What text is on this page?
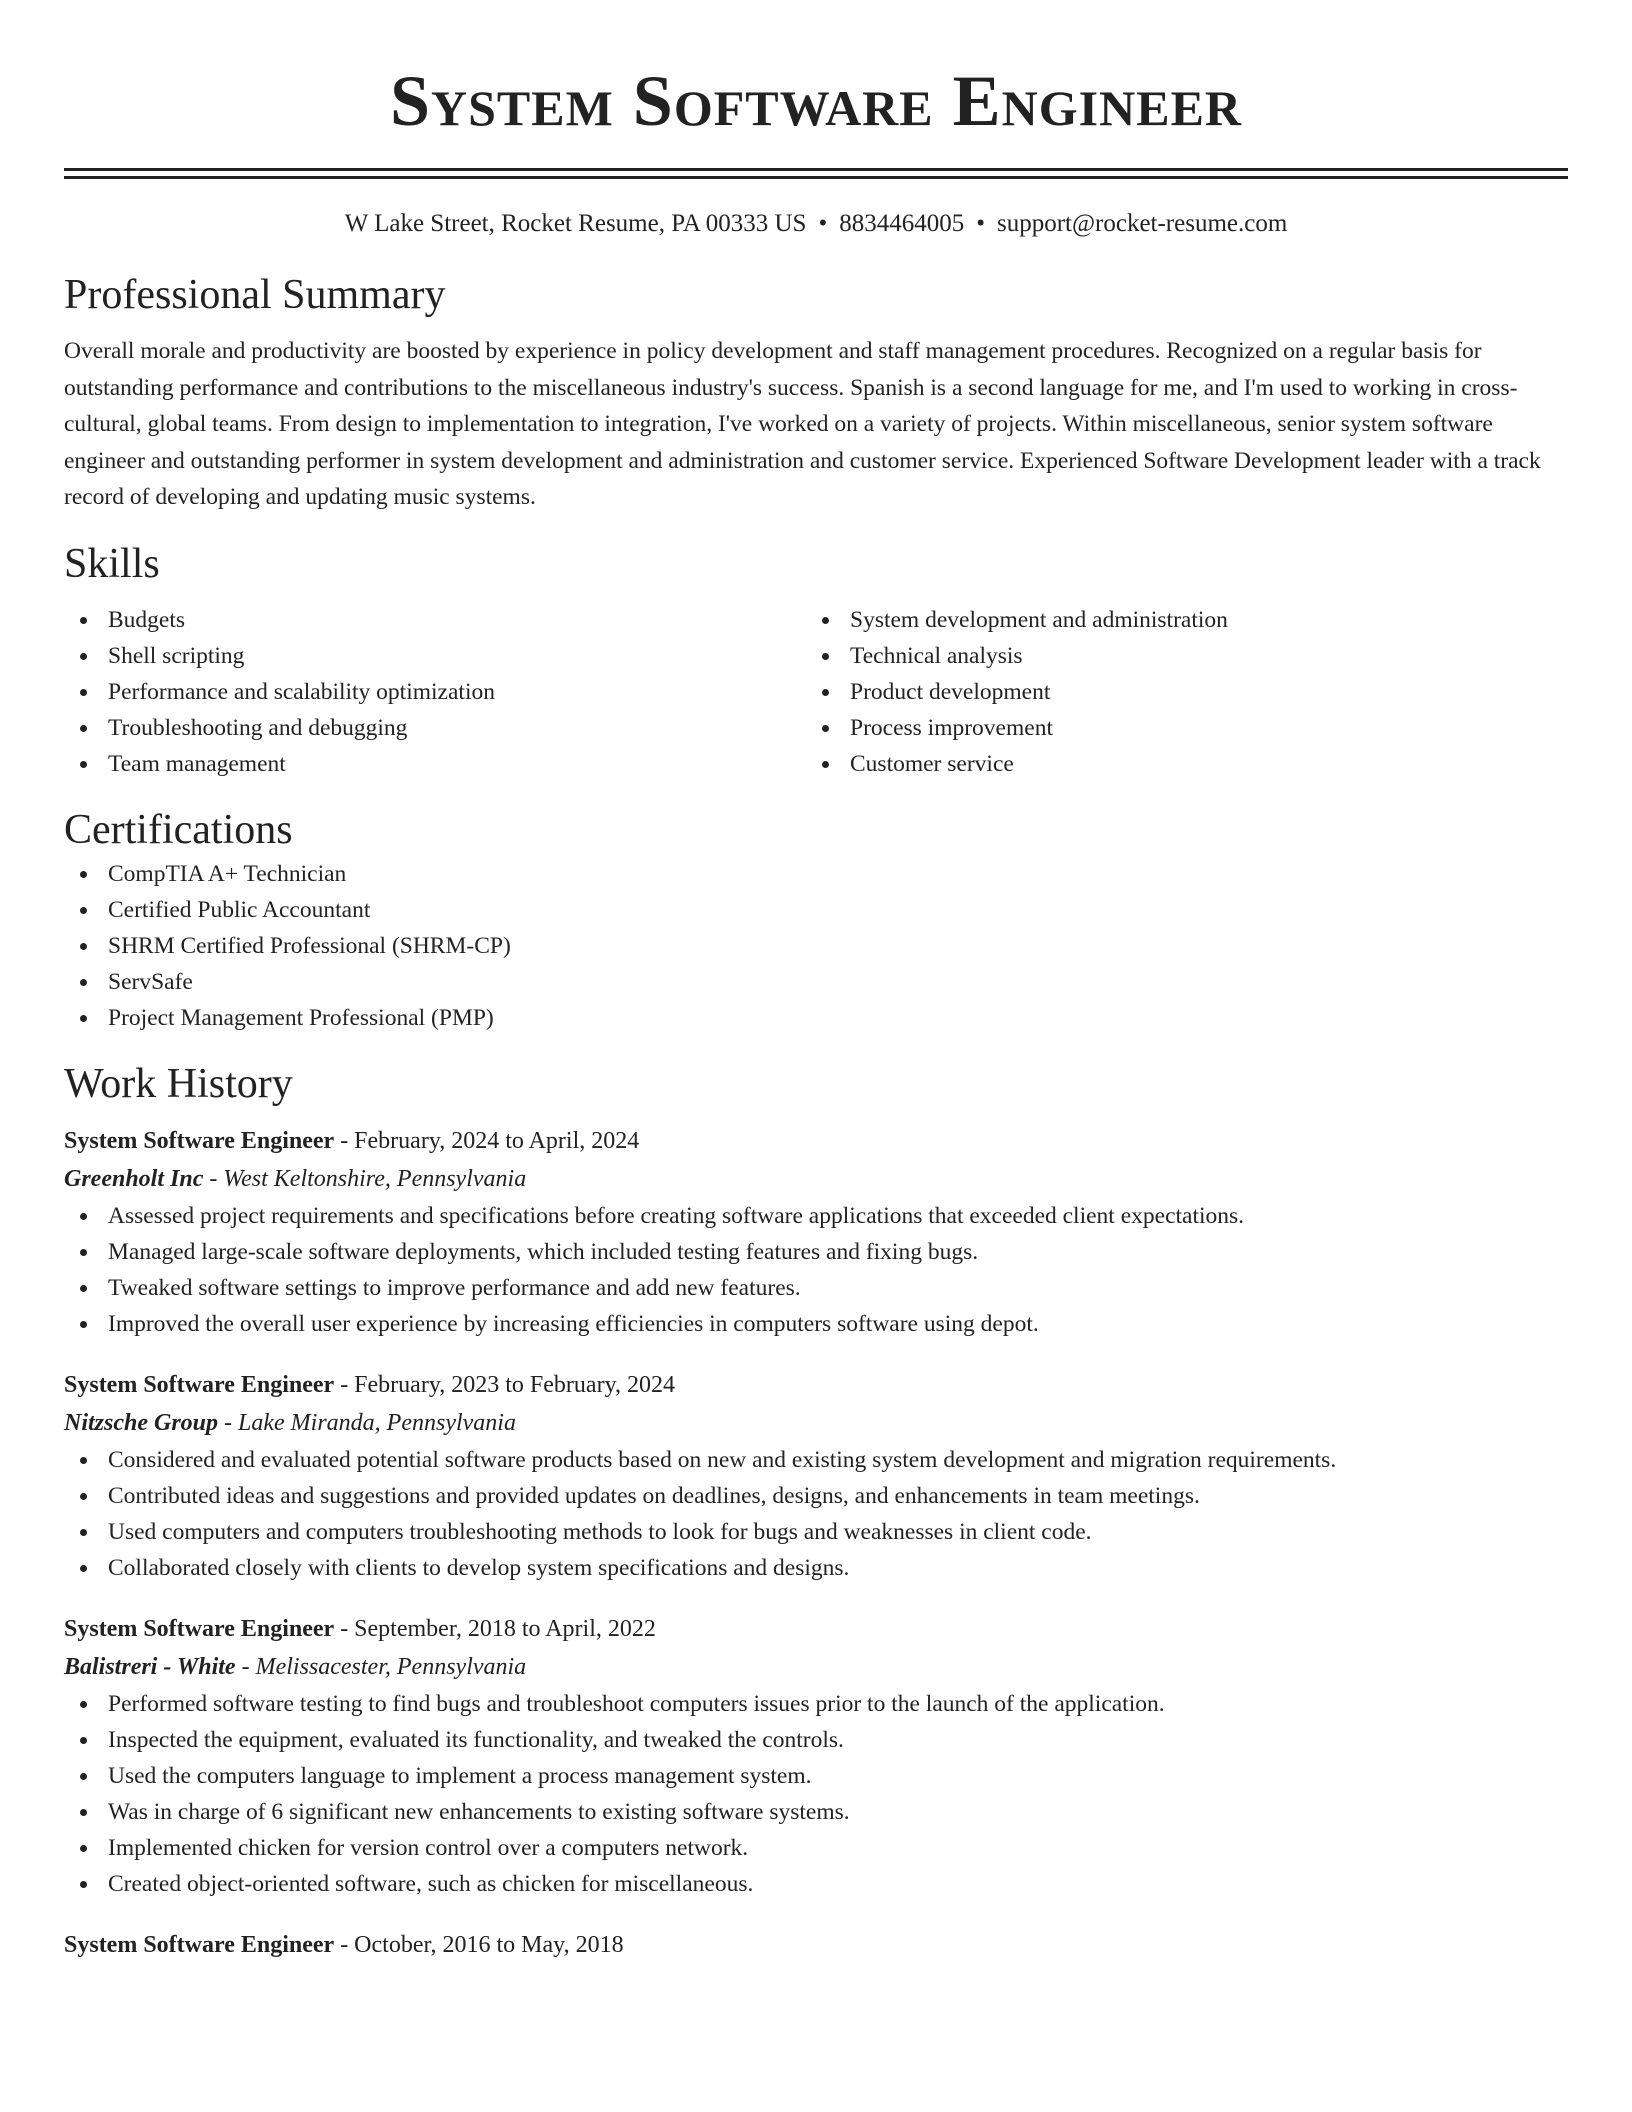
System Software Engineer
W Lake Street, Rocket Resume, PA 00333 US • 8834464005 • support@rocket-resume.com
Professional Summary
Overall morale and productivity are boosted by experience in policy development and staff management procedures. Recognized on a regular basis for outstanding performance and contributions to the miscellaneous industry's success. Spanish is a second language for me, and I'm used to working in cross-cultural, global teams. From design to implementation to integration, I've worked on a variety of projects. Within miscellaneous, senior system software engineer and outstanding performer in system development and administration and customer service. Experienced Software Development leader with a track record of developing and updating music systems.
Skills
Budgets
Shell scripting
Performance and scalability optimization
Troubleshooting and debugging
Team management
System development and administration
Technical analysis
Product development
Process improvement
Customer service
Certifications
CompTIA A+ Technician
Certified Public Accountant
SHRM Certified Professional (SHRM-CP)
ServSafe
Project Management Professional (PMP)
Work History
System Software Engineer - February, 2024 to April, 2024
Greenholt Inc - West Keltonshire, Pennsylvania
Assessed project requirements and specifications before creating software applications that exceeded client expectations.
Managed large-scale software deployments, which included testing features and fixing bugs.
Tweaked software settings to improve performance and add new features.
Improved the overall user experience by increasing efficiencies in computers software using depot.
System Software Engineer - February, 2023 to February, 2024
Nitzsche Group - Lake Miranda, Pennsylvania
Considered and evaluated potential software products based on new and existing system development and migration requirements.
Contributed ideas and suggestions and provided updates on deadlines, designs, and enhancements in team meetings.
Used computers and computers troubleshooting methods to look for bugs and weaknesses in client code.
Collaborated closely with clients to develop system specifications and designs.
System Software Engineer - September, 2018 to April, 2022
Balistreri - White - Melissacester, Pennsylvania
Performed software testing to find bugs and troubleshoot computers issues prior to the launch of the application.
Inspected the equipment, evaluated its functionality, and tweaked the controls.
Used the computers language to implement a process management system.
Was in charge of 6 significant new enhancements to existing software systems.
Implemented chicken for version control over a computers network.
Created object-oriented software, such as chicken for miscellaneous.
System Software Engineer - October, 2016 to May, 2018
